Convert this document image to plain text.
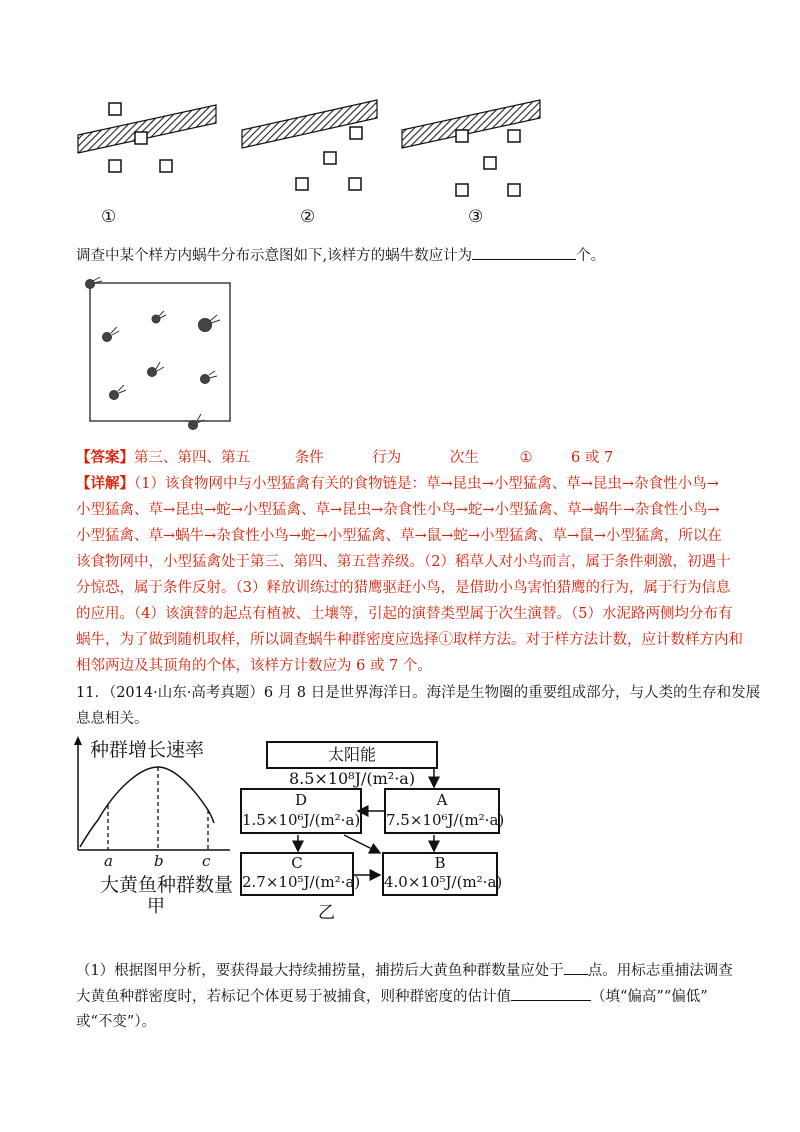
①	②	③
调查中某个样方内蜗牛分布示意图如下,该样方的蜗牛数应计为	个。
【答案】第三、第四、第五	条件	行为	次生	①	6 或 7
【详解】（1）该食物网中与小型猛禽有关的食物链是：草→昆虫→小型猛禽、草→昆虫→杂食性小鸟→
小型猛禽、草→昆虫→蛇→小型猛禽、草→昆虫→杂食性小鸟→蛇→小型猛禽、草→蜗牛→杂食性小鸟→
小型猛禽、草→蜗牛→杂食性小鸟→蛇→小型猛禽、草→鼠→蛇→小型猛禽、草→鼠→小型猛禽，所以在
该食物网中，小型猛禽处于第三、第四、第五营养级。（2）稻草人对小鸟而言，属于条件刺激，初遇十
分惊恐，属于条件反射。（3）释放训练过的猎鹰驱赶小鸟，是借助小鸟害怕猎鹰的行为，属于行为信息
的应用。（4）该演替的起点有植被、土壤等，引起的演替类型属于次生演替。（5）水泥路两侧均分布有
蜗牛，为了做到随机取样，所以调查蜗牛种群密度应选择①取样方法。对于样方法计数，应计数样方内和
相邻两边及其顶角的个体，该样方计数应为 6 或 7 个。
11．（2014·山东·高考真题）6 月 8 日是世界海洋日。海洋是生物圈的重要组成部分，与人类的生存和发展
息息相关。
种群增长速率
a	b	c
大黄鱼种群数量
甲
太阳能8.5×10⁸J/(m²·a)
D
1.5×10⁶J/(m²·a)
A
7.5×10⁶J/(m²·a)
C
2.7×10⁵J/(m²·a)
B
4.0×10⁵J/(m²·a)
乙
（1）根据图甲分析，要获得最大持续捕捞量，捕捞后大黄鱼种群数量应处于 点。用标志重捕法调查
大黄鱼种群密度时，若标记个体更易于被捕食，则种群密度的估计值	（填“偏高”“偏低”
或“不变”）。
